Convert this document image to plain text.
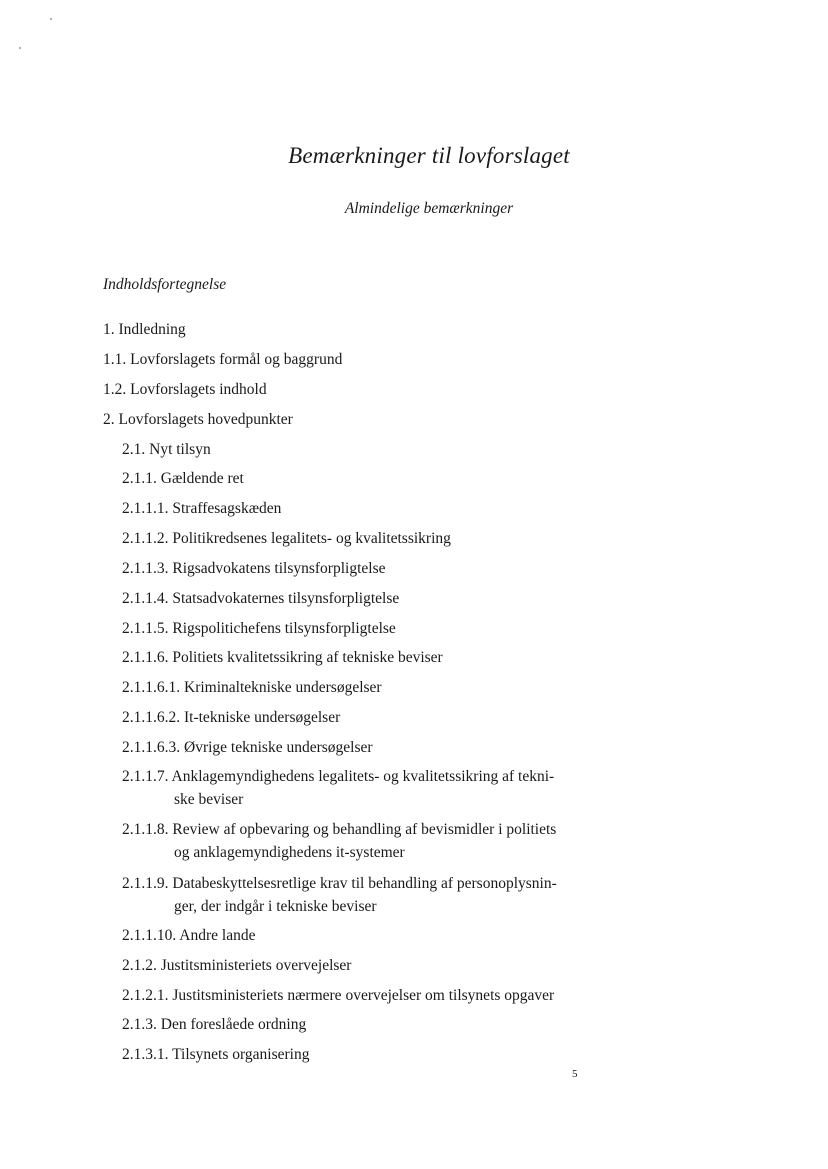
Bemærkninger til lovforslaget
Almindelige bemærkninger
Indholdsfortegnelse
1. Indledning
1.1. Lovforslagets formål og baggrund
1.2. Lovforslagets indhold
2. Lovforslagets hovedpunkter
2.1. Nyt tilsyn
2.1.1. Gældende ret
2.1.1.1. Straffesagskæden
2.1.1.2. Politikredsenes legalitets- og kvalitetssikring
2.1.1.3. Rigsadvokatens tilsynsforpligtelse
2.1.1.4. Statsadvokaternes tilsynsforpligtelse
2.1.1.5. Rigspolitichefens tilsynsforpligtelse
2.1.1.6. Politiets kvalitetssikring af tekniske beviser
2.1.1.6.1. Kriminaltekniske undersøgelser
2.1.1.6.2. It-tekniske undersøgelser
2.1.1.6.3. Øvrige tekniske undersøgelser
2.1.1.7. Anklagemyndighedens legalitets- og kvalitetssikring af tekni-
ske beviser
2.1.1.8. Review af opbevaring og behandling af bevismidler i politiets
og anklagemyndighedens it-systemer
2.1.1.9. Databeskyttelsesretlige krav til behandling af personoplysnin-
ger, der indgår i tekniske beviser
2.1.1.10. Andre lande
2.1.2. Justitsministeriets overvejelser
2.1.2.1. Justitsministeriets nærmere overvejelser om tilsynets opgaver
2.1.3. Den foreslåede ordning
2.1.3.1. Tilsynets organisering
5
